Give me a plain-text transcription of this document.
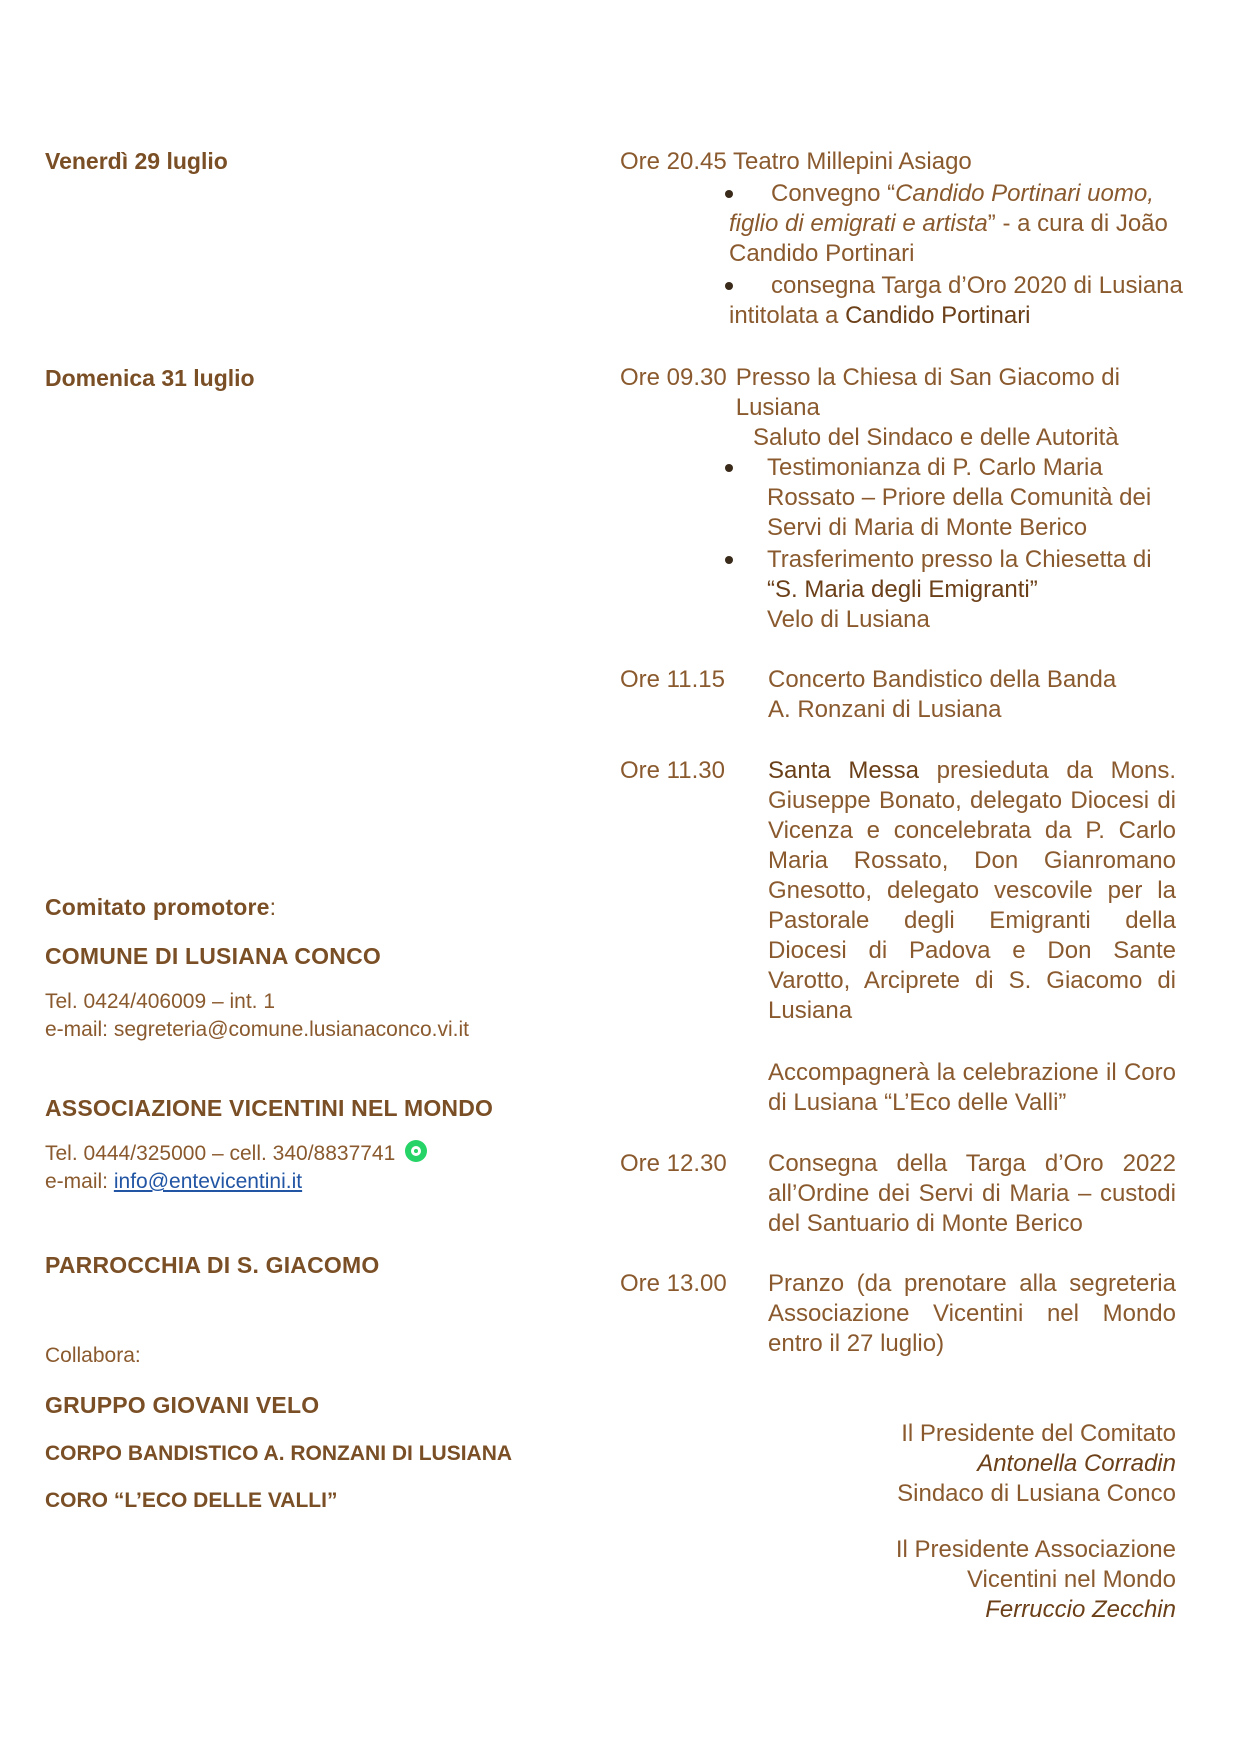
Venerdì 29 luglio
Domenica 31 luglio
Comitato promotore:
COMUNE DI LUSIANA CONCO
Tel. 0424/406009 – int. 1
e-mail: segreteria@comune.lusianaconco.vi.it
ASSOCIAZIONE VICENTINI NEL MONDO
Tel. 0444/325000 – cell. 340/8837741
e-mail: info@entevicentini.it
PARROCCHIA DI S. GIACOMO
Collabora:
GRUPPO GIOVANI VELO
CORPO BANDISTICO A. RONZANI DI LUSIANA
CORO “L’ECO DELLE VALLI”
Ore 20.45 Teatro Millepini Asiago
Convegno “Candido Portinari uomo, figlio di emigrati e artista” - a cura di João Candido Portinari
consegna Targa d’Oro 2020 di Lusiana intitolata a Candido Portinari
Ore 09.30 Presso la Chiesa di San Giacomo di Lusiana
Saluto del Sindaco e delle Autorità
Testimonianza di P. Carlo Maria Rossato – Priore della Comunità dei Servi di Maria di Monte Berico
Trasferimento presso la Chiesetta di
“S. Maria degli Emigranti”
Velo di Lusiana
Ore 11.15 Concerto Bandistico della Banda
A. Ronzani di Lusiana
Ore 11.30 Santa Messa presieduta da Mons. Giuseppe Bonato, delegato Diocesi di Vicenza e concelebrata da P. Carlo Maria Rossato, Don Gianromano Gnesotto, delegato vescovile per la Pastorale degli Emigranti della Diocesi di Padova e Don Sante Varotto, Arciprete di S. Giacomo di Lusiana
Accompagnerà la celebrazione il Coro di Lusiana “L’Eco delle Valli”
Ore 12.30 Consegna della Targa d’Oro 2022 all’Ordine dei Servi di Maria – custodi del Santuario di Monte Berico
Ore 13.00 Pranzo (da prenotare alla segreteria Associazione Vicentini nel Mondo entro il 27 luglio)
Il Presidente del Comitato
Antonella Corradin
Sindaco di Lusiana Conco
Il Presidente Associazione
Vicentini nel Mondo
Ferruccio Zecchin
